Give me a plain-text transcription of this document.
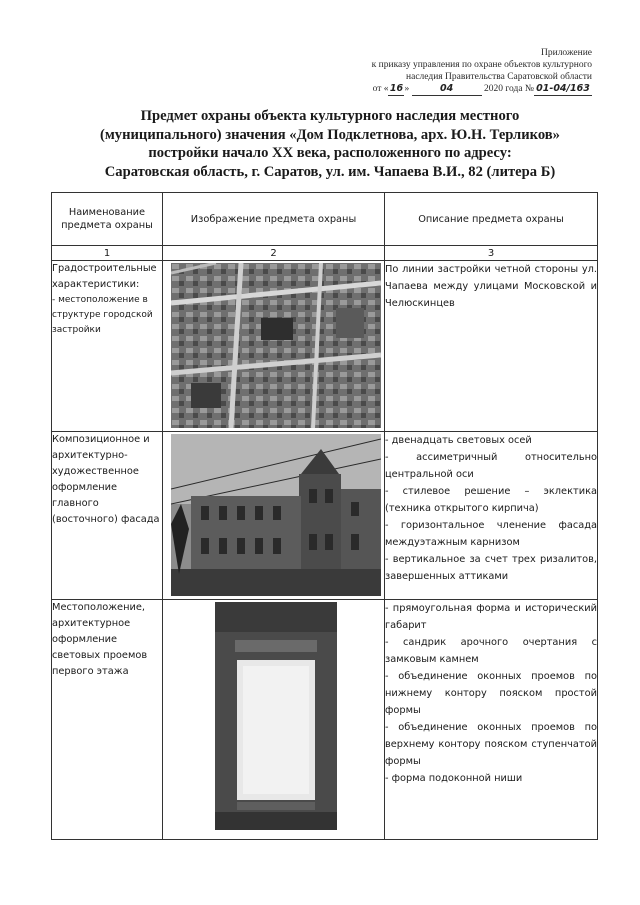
Приложение
к приказу управления по охране объектов культурного
наследия Правительства Саратовской области
от «16»	04	2020 года № 01-04/163
Предмет охраны объекта культурного наследия местного
(муниципального) значения «Дом Подклетнова, арх. Ю.Н. Терликов»
постройки начало XX века, расположенного по адресу:
Саратовская область, г. Саратов, ул. им. Чапаева В.И., 82 (литера Б)
Наименование предмета охраны	Изображение предмета охраны	Описание предмета охраны
1	2	3

Градостроительные характеристики:
- местоположение в структуре городской застройки		По линии застройки четной стороны ул. Чапаева между улицами Московской и Челюскинцев

Композиционное и архитектурно-художественное оформление главного (восточного) фасада		- двенадцать световых осей
- ассиметричный относительно центральной оси
- стилевое решение – эклектика (техника открытого кирпича)
- горизонтальное членение фасада междуэтажным карнизом
- вертикальное за счет трех ризалитов, завершенных аттиками

Местоположение, архитектурное оформление световых проемов первого этажа		- прямоугольная форма и исторический габарит
- сандрик арочного очертания с замковым камнем
- объединение оконных проемов по нижнему контору пояском простой формы
- объединение оконных проемов по верхнему контору пояском ступенчатой формы
- форма подоконной ниши
